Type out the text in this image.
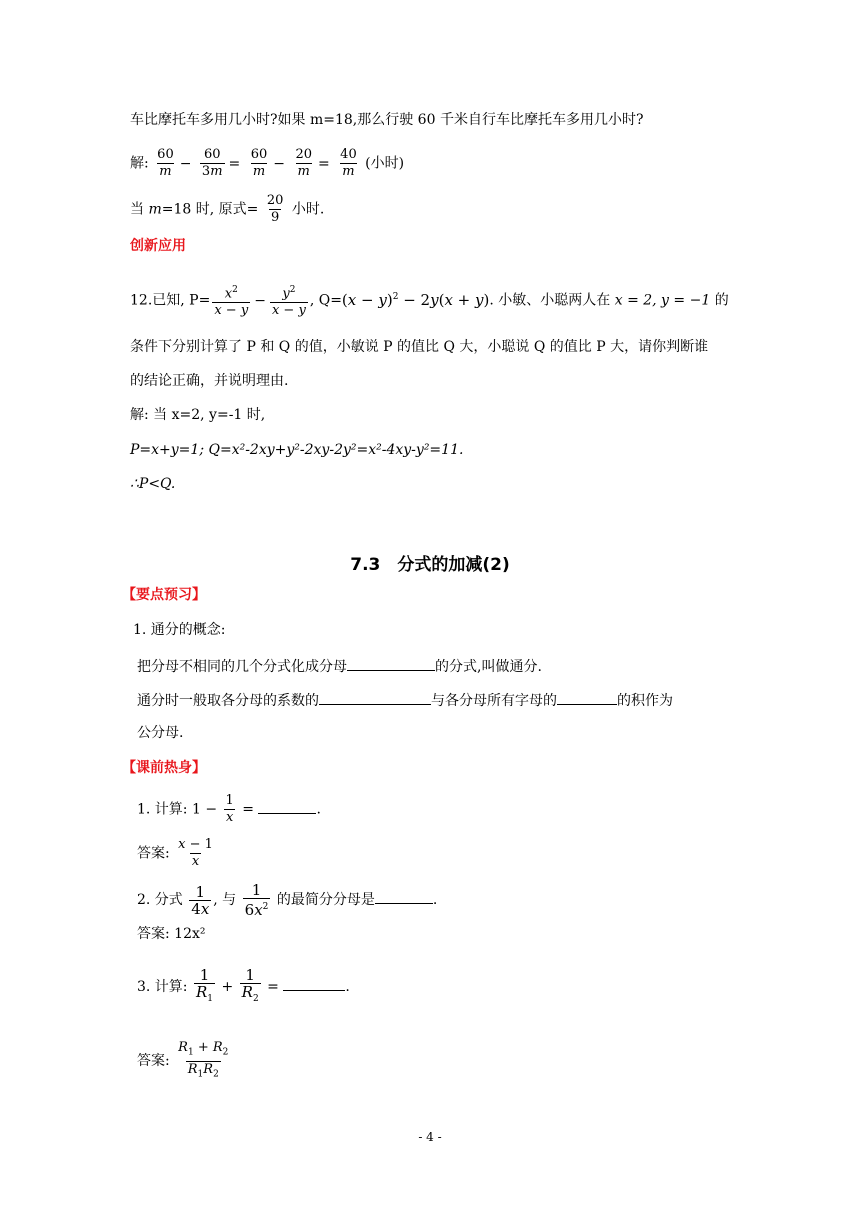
车比摩托车多用几小时?如果 m=18,那么行驶 60 千米自行车比摩托车多用几小时?
解: $\frac{60}{m} - \frac{60}{3m} = \frac{60}{m} - \frac{20}{m} = \frac{40}{m}$ (小时)
当 m=18 时, 原式= $\frac{20}{9}$ 小时.
创新应用
12.已知, $P= \frac{x^2}{x - y} - \frac{y^2}{x - y}$ , $Q=(x - y)^2 - 2y(x + y)$. 小敏、小聪两人在 x = 2, y = −1 的
条件下分别计算了 P 和 Q 的值，小敏说 P 的值比 Q 大，小聪说 Q 的值比 P 大，请你判断谁
的结论正确，并说明理由.
解: 当 x=2, y=-1 时,
P=x+y=1; Q=x²-2xy+y²-2xy-2y²=x²-4xy-y²=11.
∴P<Q.
7.3　分式的加减(2)
【要点预习】
1. 通分的概念:
把分母不相同的几个分式化成分母	的分式,叫做通分.
通分时一般取各分母的系数的	与各分母所有字母的	的积作为
公分母.
【课前热身】
1. 计算: $1 - \frac{1}{x}$ =	.
答案: $\frac{x - 1}{x}$
2. 分式 $\frac{1}{4x}$ , 与 $\frac{1}{6x^2}$ 的最简分分母是	.
答案: 12x²
3. 计算: $\frac{1}{R_1} + \frac{1}{R_2}$ =	.
答案: $\frac{R_1 + R_2}{R_1R_2}$
- 4 -
